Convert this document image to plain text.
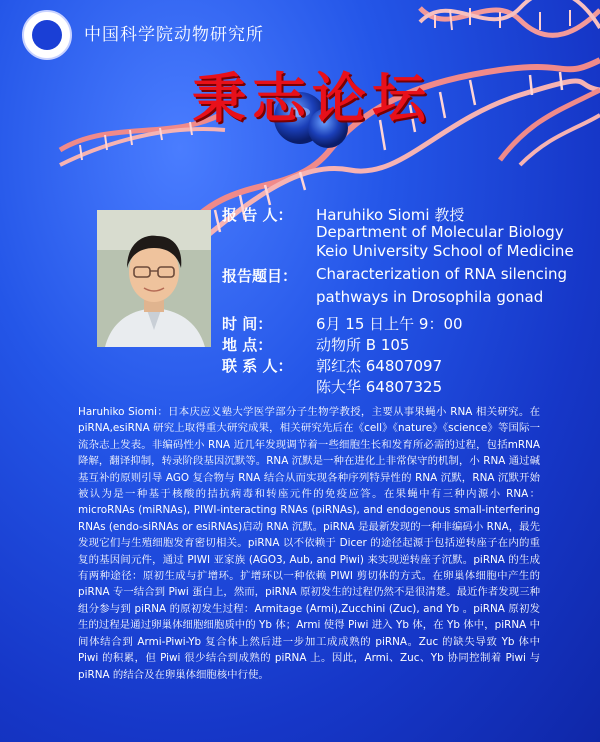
中国科学院动物研究所
秉志论坛
报 告 人： Haruhiko Siomi 教授
Department of Molecular Biology
Keio University School of Medicine
报告题目： Characterization of RNA silencing
pathways in Drosophila gonad
时 间：	6月 15 日上午 9：00
地 点：	动物所 B 105
联 系 人： 郭红杰 64807097
陈大华 64807325
Haruhiko Siomi：日本庆应义塾大学医学部分子生物学教授，主要从事果蝇小 RNA 相关研究。在 piRNA,esiRNA 研究上取得重大研究成果，相关研究先后在《cell》《nature》《science》等国际一流杂志上发表。非编码性小 RNA 近几年发现调节着一些细胞生长和发育所必需的过程，包括mRNA降解，翻译抑制，转录阶段基因沉默等。RNA 沉默是一种在进化上非常保守的机制，小 RNA 通过碱基互补的原则引导 AGO 复合物与 RNA 结合从而实现各种序列特异性的 RNA 沉默，RNA 沉默开始被认为是一种基于核酸的拮抗病毒和转座元件的免疫应答。在果蝇中有三种内源小 RNA：microRNAs (miRNAs), PIWI-interacting RNAs (piRNAs), and endogenous small-interfering RNAs (endo-siRNAs or esiRNAs)启动 RNA 沉默。piRNA 是最新发现的一种非编码小 RNA，最先发现它们与生殖细胞发育密切相关。piRNA 以不依赖于 Dicer 的途径起源于包括逆转座子在内的重复的基因间元件，通过 PIWI 亚家族 (AGO3, Aub, and Piwi) 来实现逆转座子沉默。piRNA 的生成有两种途径：原初生成与扩增环。扩增环以一种依赖 PIWI 剪切体的方式。在卵巢体细胞中产生的 piRNA 专一结合到 Piwi 蛋白上，然而，piRNA 原初发生的过程仍然不是很清楚。最近作者发现三种组分参与到 piRNA 的原初发生过程：Armitage (Armi),Zucchini (Zuc), and Yb 。piRNA 原初发生的过程是通过卵巢体细胞细胞质中的 Yb 体；Armi 使得 Piwi 进入 Yb 体，在 Yb 体中，piRNA 中间体结合到 Armi-Piwi-Yb 复合体上然后进一步加工成成熟的 piRNA。Zuc 的缺失导致 Yb 体中 Piwi 的积累，但 Piwi 很少结合到成熟的 piRNA 上。因此，Armi、Zuc、Yb 协同控制着 Piwi 与 piRNA 的结合及在卵巢体细胞核中行使。
